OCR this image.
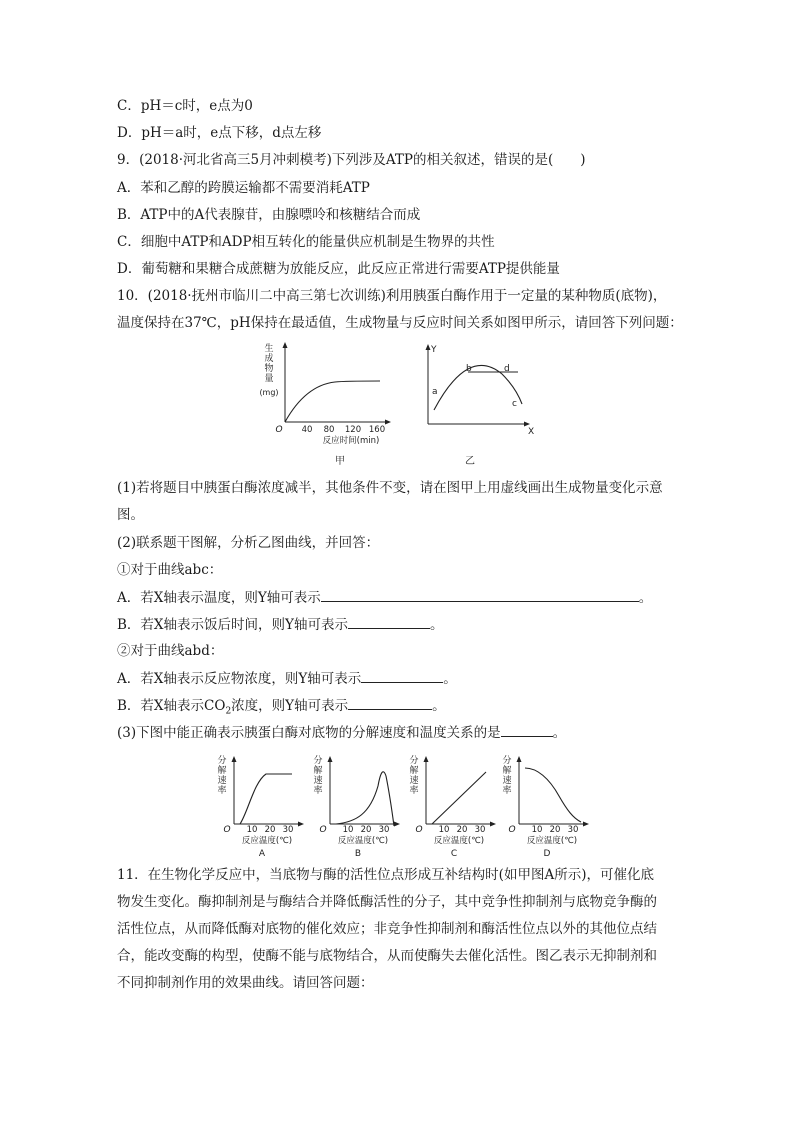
C．pH＝c时，e点为0
D．pH＝a时，e点下移，d点左移
9．(2018·河北省高三5月冲刺模考)下列涉及ATP的相关叙述，错误的是(　　)
A．苯和乙醇的跨膜运输都不需要消耗ATP
B．ATP中的A代表腺苷，由腺嘌呤和核糖结合而成
C．细胞中ATP和ADP相互转化的能量供应机制是生物界的共性
D．葡萄糖和果糖合成蔗糖为放能反应，此反应正常进行需要ATP提供能量
10．(2018·抚州市临川二中高三第七次训练)利用胰蛋白酶作用于一定量的某种物质(底物)，
温度保持在37℃，pH保持在最适值，生成物量与反应时间关系如图甲所示，请回答下列问题：
生
成
物
量
(mg)
O 40 80 120 160
反应时间(min)
甲
Y
X
a
b	d
c
乙
(1)若将题目中胰蛋白酶浓度减半，其他条件不变，请在图甲上用虚线画出生成物量变化示意
图。
(2)联系题干图解，分析乙图曲线，并回答：
①对于曲线abc：
A．若X轴表示温度，则Y轴可表示	。
B．若X轴表示饭后时间，则Y轴可表示	。
②对于曲线abd：
A．若X轴表示反应物浓度，则Y轴可表示	。
B．若X轴表示$CO_2$浓度，则Y轴可表示	。
(3)下图中能正确表示胰蛋白酶对底物的分解速度和温度关系的是	。
分
解
速
率
O 10 20 30
反应温度(℃)
A
分
解
速
率
O 10 20 30
反应温度(℃)
B
分
解
速
率
O 10 20 30
反应温度(℃)
C
分
解
速
率
O 10 20 30
反应温度(℃)
D
11．在生物化学反应中，当底物与酶的活性位点形成互补结构时(如甲图A所示)，可催化底
物发生变化。酶抑制剂是与酶结合并降低酶活性的分子，其中竞争性抑制剂与底物竞争酶的
活性位点，从而降低酶对底物的催化效应；非竞争性抑制剂和酶活性位点以外的其他位点结
合，能改变酶的构型，使酶不能与底物结合，从而使酶失去催化活性。图乙表示无抑制剂和
不同抑制剂作用的效果曲线。请回答问题：
